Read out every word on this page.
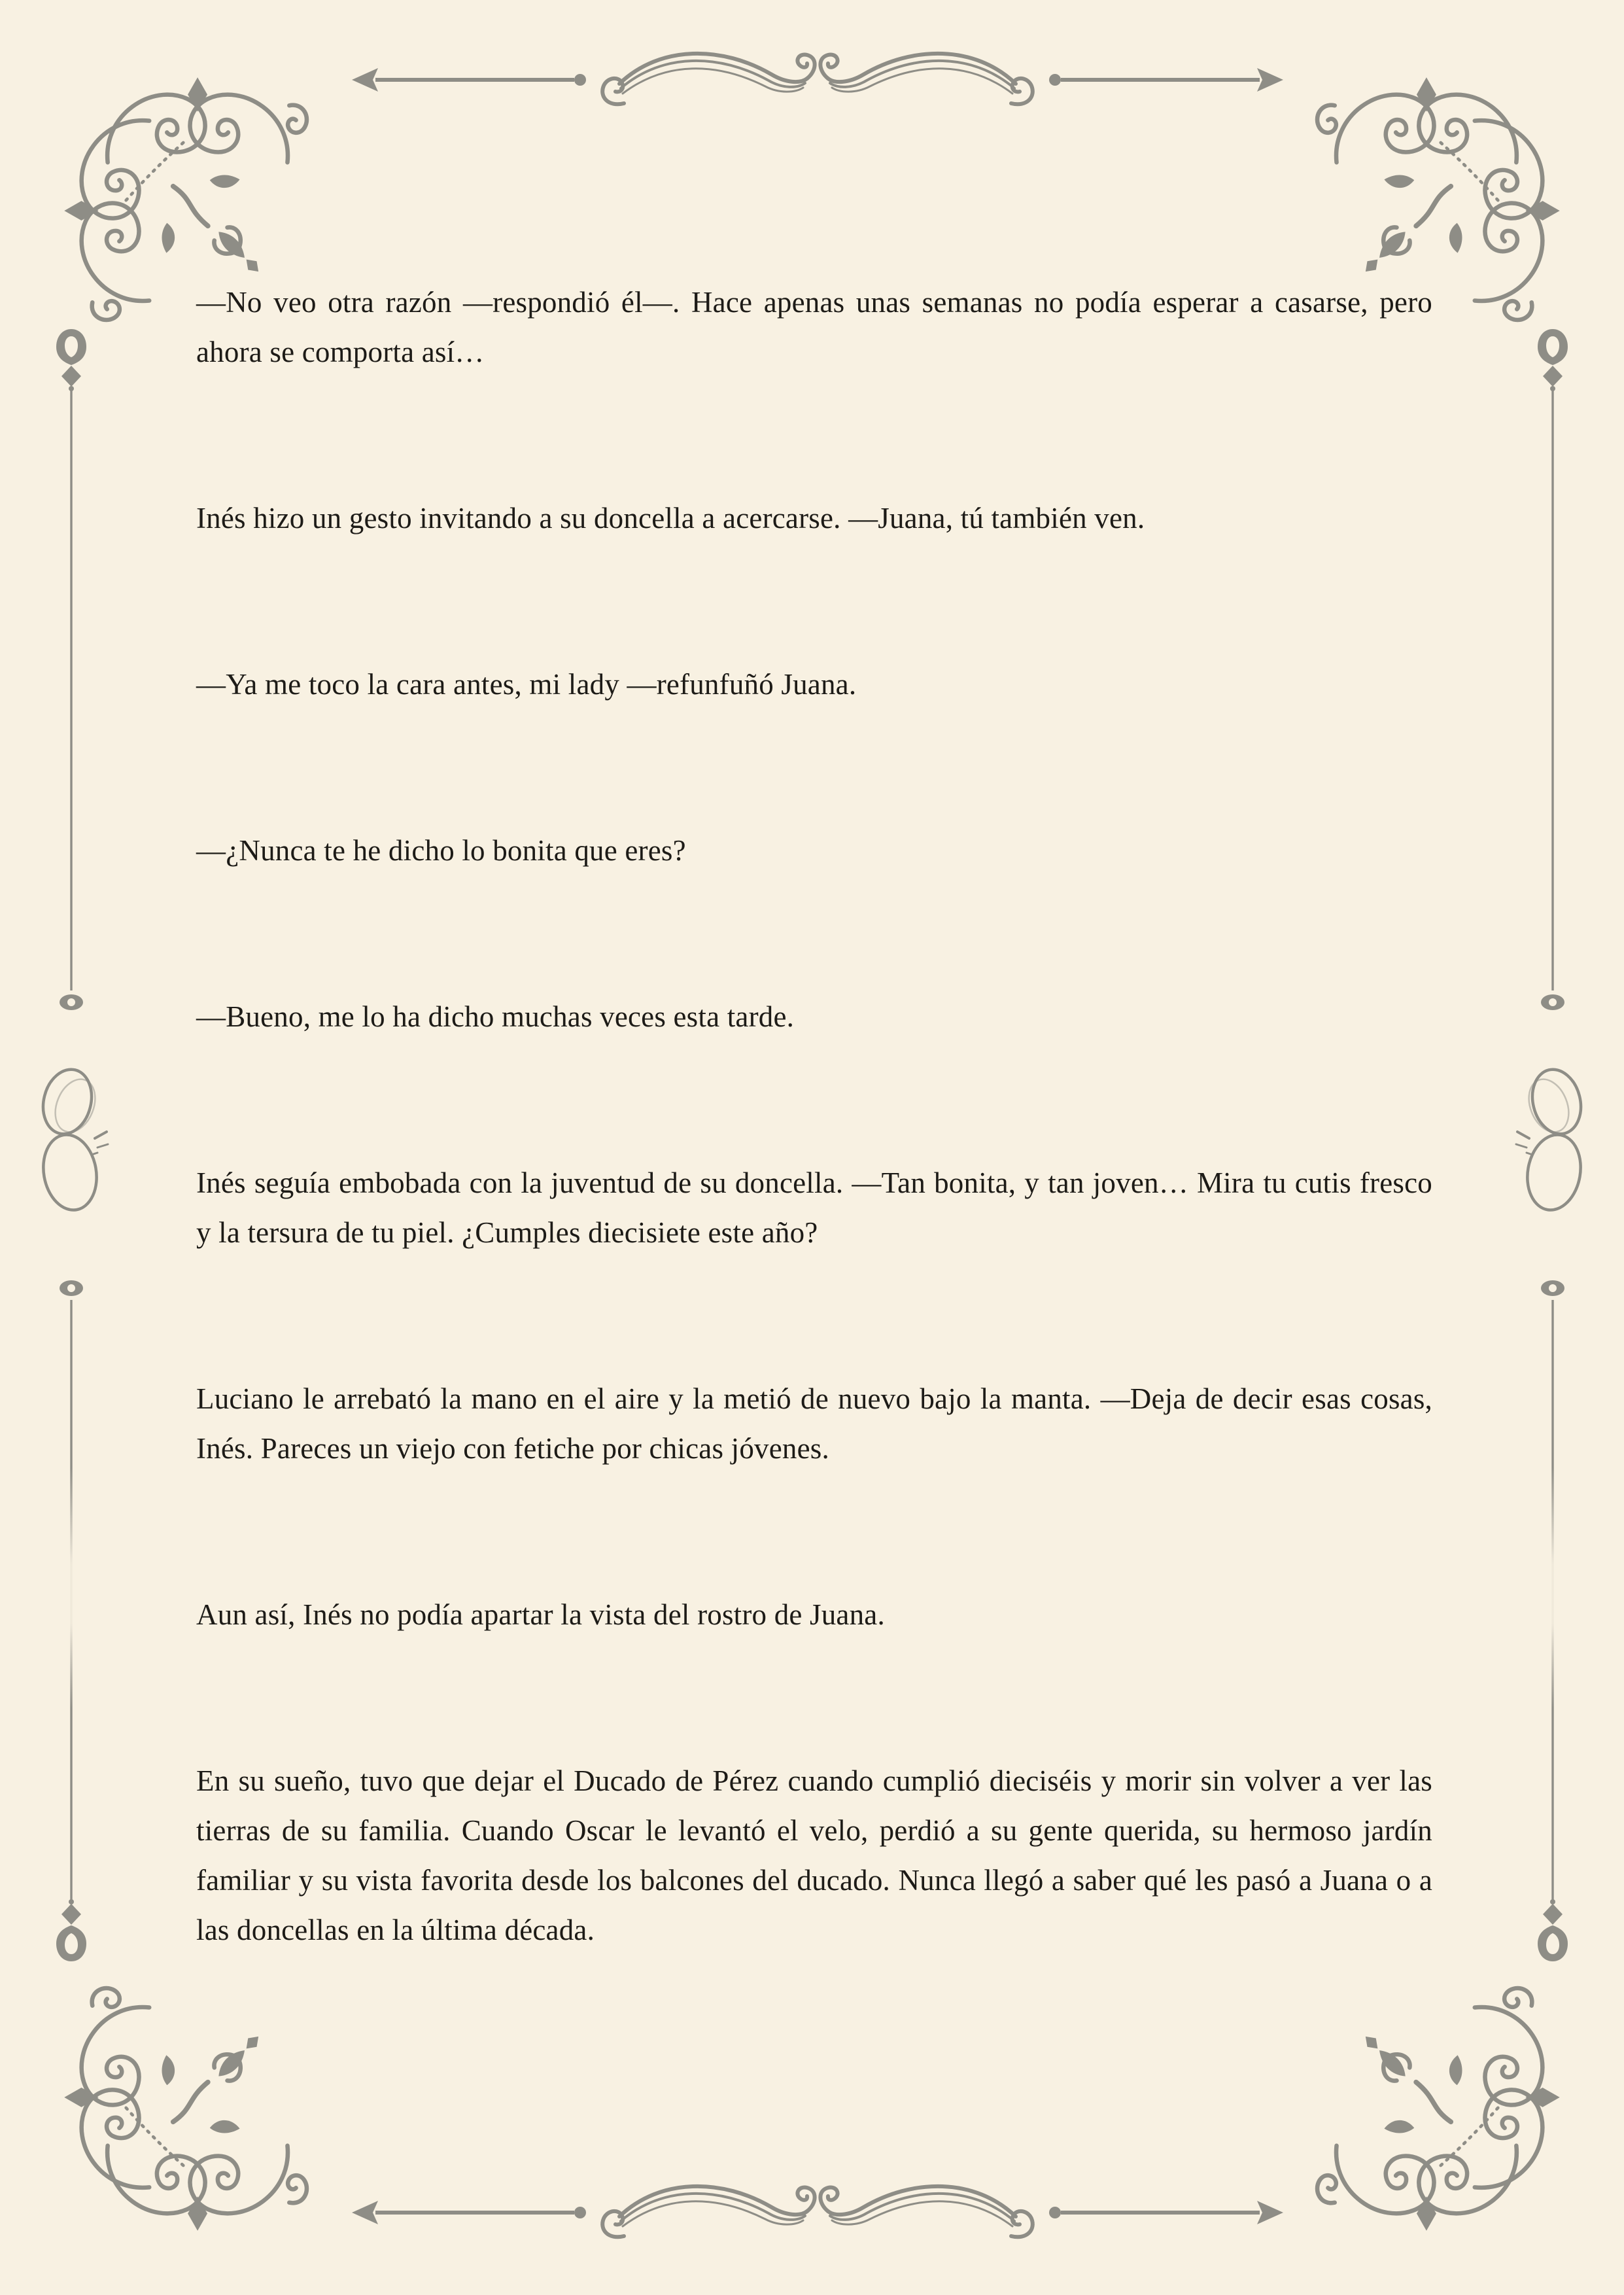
—No veo otra razón —respondió él—. Hace apenas unas semanas no podía esperar a casarse, pero ahora se comporta así…

Inés hizo un gesto invitando a su doncella a acercarse. —Juana, tú también ven.

—Ya me toco la cara antes, mi lady —refunfuñó Juana.

—¿Nunca te he dicho lo bonita que eres?

—Bueno, me lo ha dicho muchas veces esta tarde.

Inés seguía embobada con la juventud de su doncella. —Tan bonita, y tan joven… Mira tu cutis fresco y la tersura de tu piel. ¿Cumples diecisiete este año?

Luciano le arrebató la mano en el aire y la metió de nuevo bajo la manta. —Deja de decir esas cosas, Inés. Pareces un viejo con fetiche por chicas jóvenes.

Aun así, Inés no podía apartar la vista del rostro de Juana.

En su sueño, tuvo que dejar el Ducado de Pérez cuando cumplió dieciséis y morir sin volver a ver las tierras de su familia. Cuando Oscar le levantó el velo, perdió a su gente querida, su hermoso jardín familiar y su vista favorita desde los balcones del ducado. Nunca llegó a saber qué les pasó a Juana o a las doncellas en la última década.
